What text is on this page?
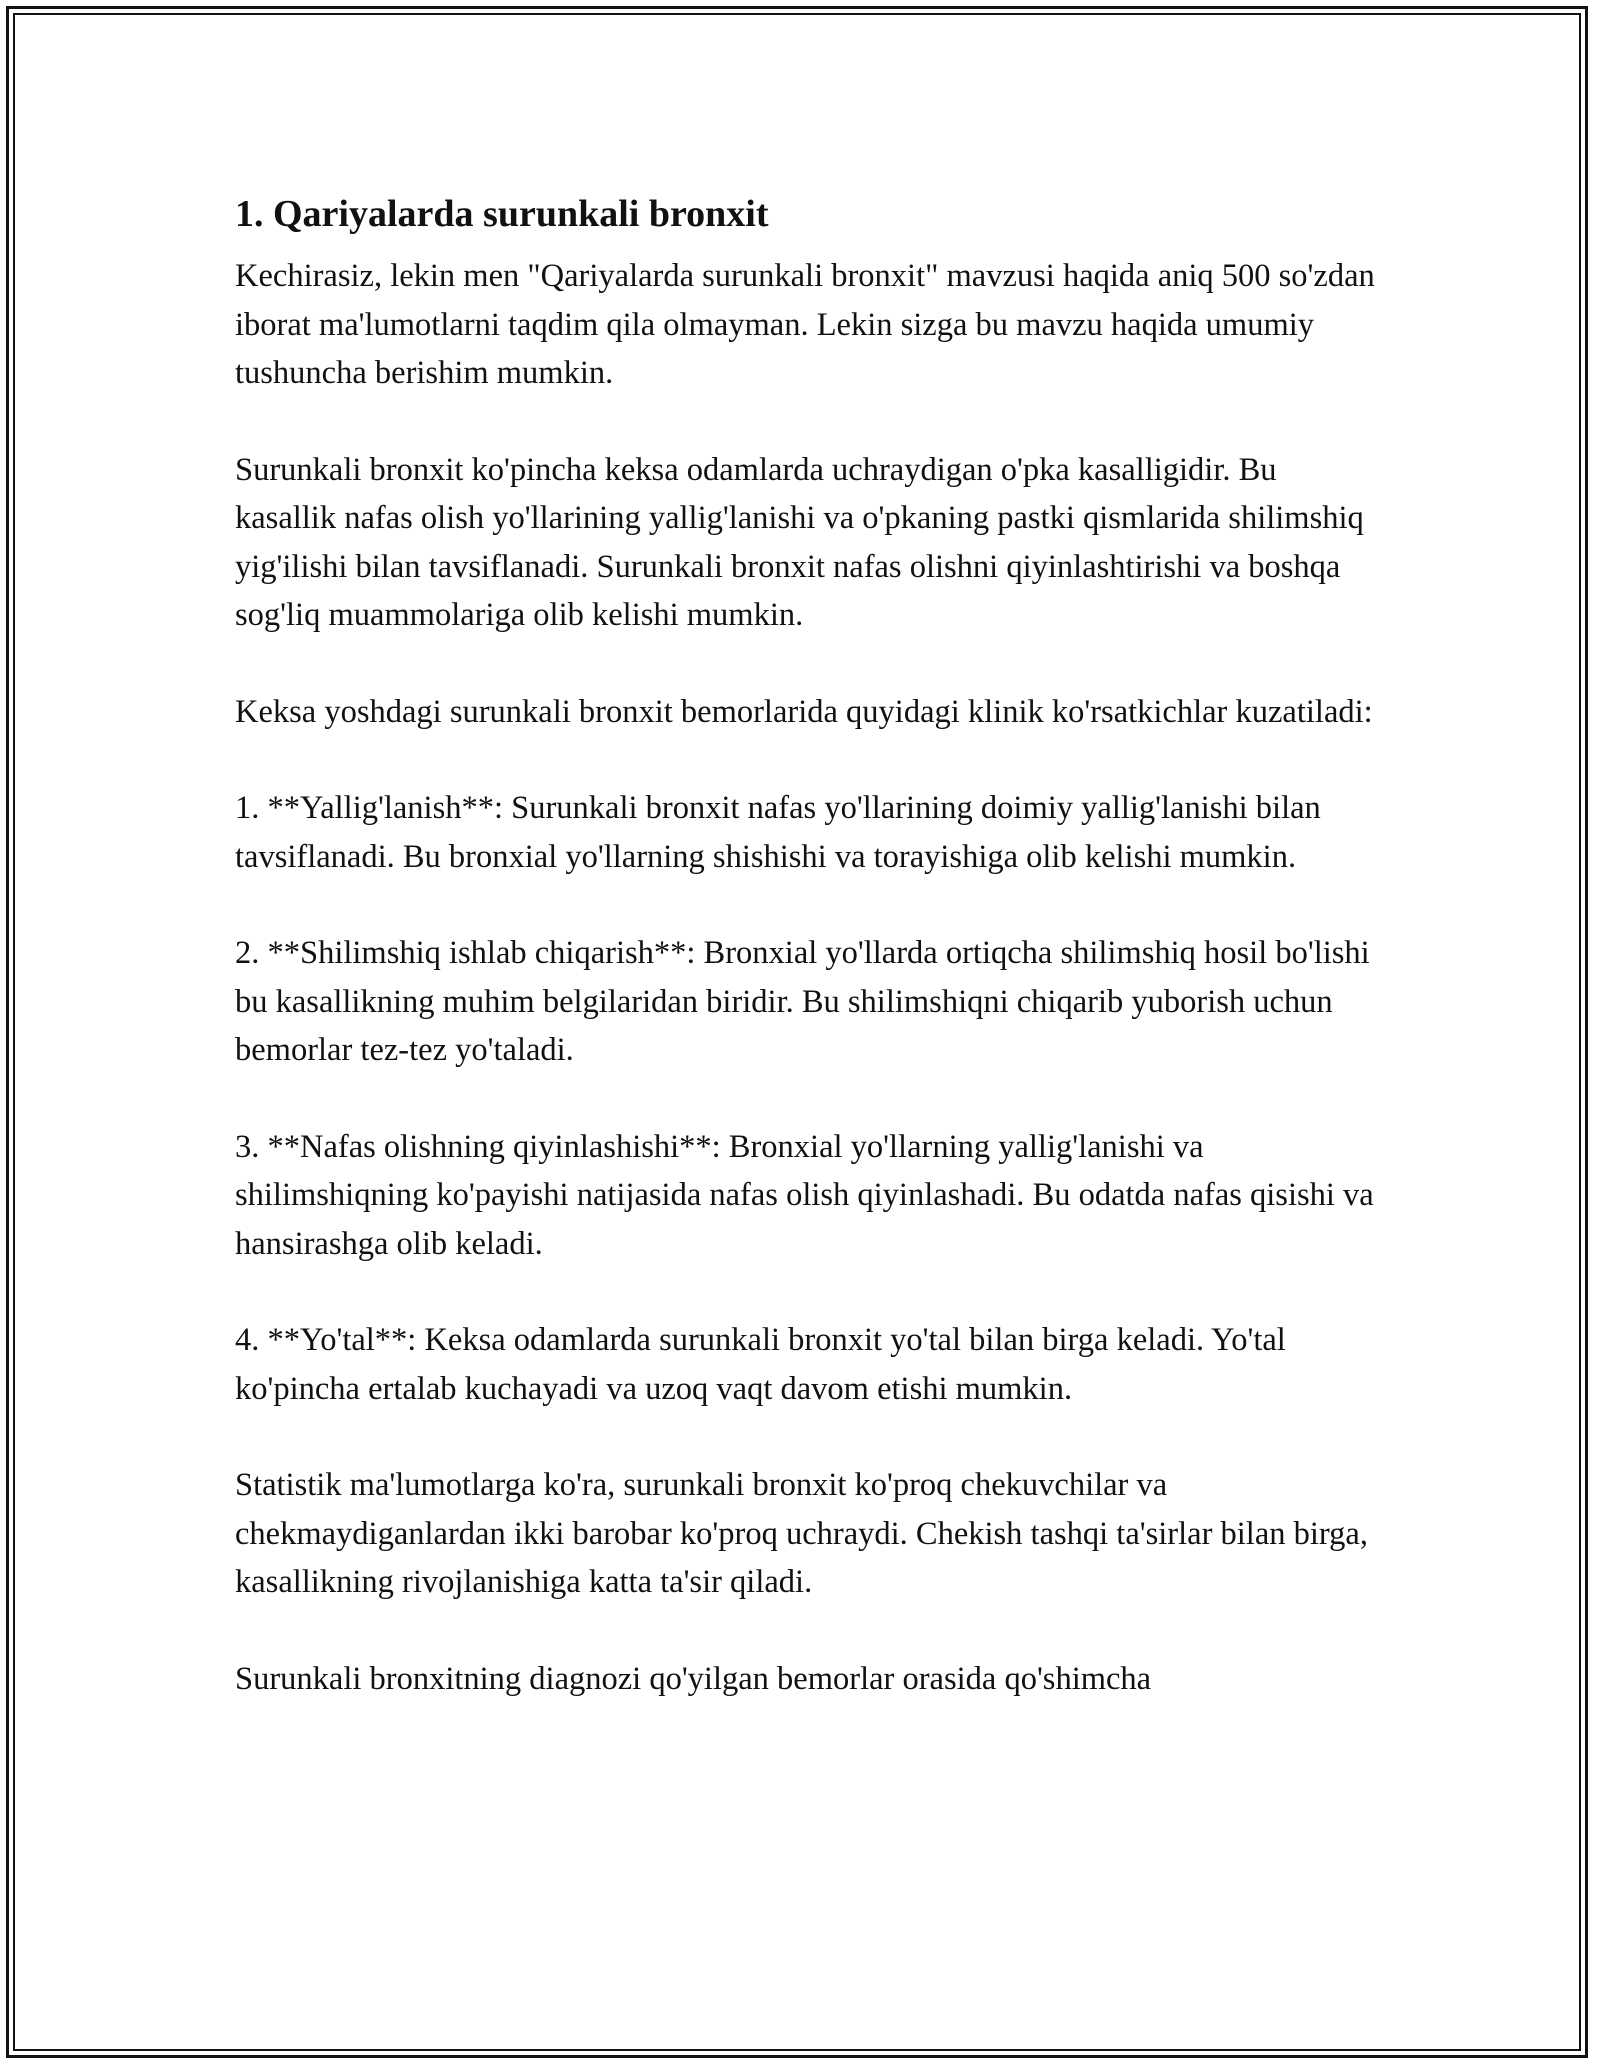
1. Qariyalarda surunkali bronxit

Kechirasiz, lekin men "Qariyalarda surunkali bronxit" mavzusi haqida aniq 500 so'zdan iborat ma'lumotlarni taqdim qila olmayman. Lekin sizga bu mavzu haqida umumiy tushuncha berishim mumkin.

Surunkali bronxit ko'pincha keksa odamlarda uchraydigan o'pka kasalligidir. Bu kasallik nafas olish yo'llarining yallig'lanishi va o'pkaning pastki qismlarida shilimshiq yig'ilishi bilan tavsiflanadi. Surunkali bronxit nafas olishni qiyinlashtirishi va boshqa sog'liq muammolariga olib kelishi mumkin.

Keksa yoshdagi surunkali bronxit bemorlarida quyidagi klinik ko'rsatkichlar kuzatiladi:

1. **Yallig'lanish**: Surunkali bronxit nafas yo'llarining doimiy yallig'lanishi bilan tavsiflanadi. Bu bronxial yo'llarning shishishi va torayishiga olib kelishi mumkin.

2. **Shilimshiq ishlab chiqarish**: Bronxial yo'llarda ortiqcha shilimshiq hosil bo'lishi bu kasallikning muhim belgilaridan biridir. Bu shilimshiqni chiqarib yuborish uchun bemorlar tez-tez yo'taladi.

3. **Nafas olishning qiyinlashishi**: Bronxial yo'llarning yallig'lanishi va shilimshiqning ko'payishi natijasida nafas olish qiyinlashadi. Bu odatda nafas qisishi va hansirashga olib keladi.

4. **Yo'tal**: Keksa odamlarda surunkali bronxit yo'tal bilan birga keladi. Yo'tal ko'pincha ertalab kuchayadi va uzoq vaqt davom etishi mumkin.

Statistik ma'lumotlarga ko'ra, surunkali bronxit ko'proq chekuvchilar va chekmaydiganlardan ikki barobar ko'proq uchraydi. Chekish tashqi ta'sirlar bilan birga, kasallikning rivojlanishiga katta ta'sir qiladi.

Surunkali bronxitning diagnozi qo'yilgan bemorlar orasida qo'shimcha
